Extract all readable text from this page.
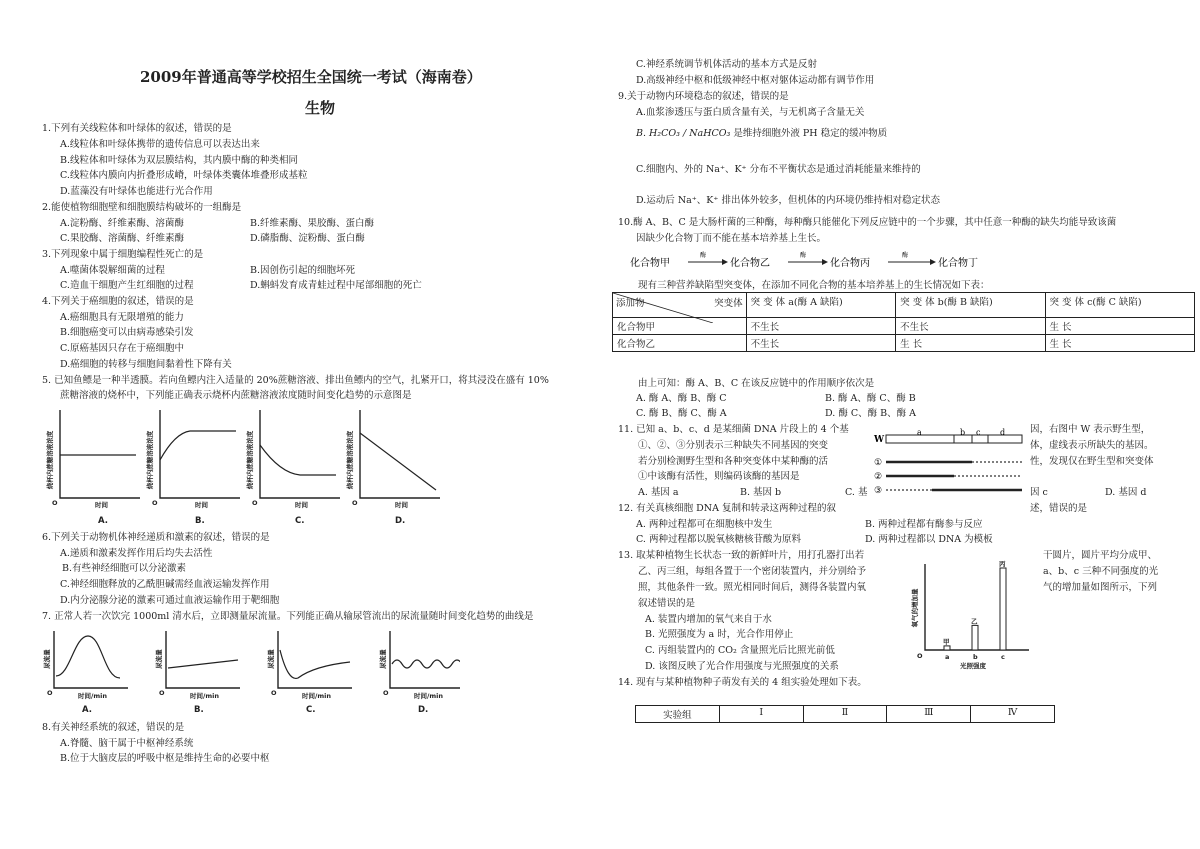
2009年普通高等学校招生全国统一考试（海南卷）
生物
1.下列有关线粒体和叶绿体的叙述，错误的是
A.线粒体和叶绿体携带的遗传信息可以表达出来
B.线粒体和叶绿体为双层膜结构，其内膜中酶的种类相同
C.线粒体内膜向内折叠形成嵴，叶绿体类囊体堆叠形成基粒
D.蓝藻没有叶绿体也能进行光合作用
2.能使植物细胞壁和细胞膜结构破坏的一组酶是
A.淀粉酶、纤维素酶、溶菌酶	B.纤维素酶、果胶酶、蛋白酶
C.果胶酶、溶菌酶、纤维素酶	D.磷脂酶、淀粉酶、蛋白酶
3.下列现象中属于细胞编程性死亡的是
A.噬菌体裂解细菌的过程	B.因创伤引起的细胞坏死
C.造血干细胞产生红细胞的过程	D.蝌蚪发育成青蛙过程中尾部细胞的死亡
4.下列关于癌细胞的叙述，错误的是
A.癌细胞具有无限增殖的能力
B.细胞癌变可以由病毒感染引发
C.原癌基因只存在于癌细胞中
D.癌细胞的转移与细胞间黏着性下降有关
5. 已知鱼鳔是一种半透膜。若向鱼鳔内注入适量的 20%蔗糖溶液、排出鱼鳔内的空气，扎紧开口，将其浸没在盛有 10%
蔗糖溶液的烧杯中，下列能正确表示烧杯内蔗糖溶液浓度随时间变化趋势的示意图是
烧杯内蔗糖溶液浓度
O	时间
A.
烧杯内蔗糖溶液浓度
O	时间
B.
烧杯内蔗糖溶液浓度
O	时间
C.
烧杯内蔗糖溶液浓度
O	时间
D.
6.下列关于动物机体神经递质和激素的叙述，错误的是
A.递质和激素发挥作用后均失去活性
B.有些神经细胞可以分泌激素
C.神经细胞释放的乙酰胆碱需经血液运输发挥作用
D.内分泌腺分泌的激素可通过血液运输作用于靶细胞
7. 正常人若一次饮完 1000ml 清水后，立即测量尿流量。下列能正确从输尿管流出的尿流量随时间变化趋势的曲线是
尿流量
O	时间/min
A.
尿流量
O	时间/min
B.
尿流量
O	时间/min
C.
尿流量
O	时间/min
D.
8.有关神经系统的叙述，错误的是
A.脊髓、脑干属于中枢神经系统
B.位于大脑皮层的呼吸中枢是维持生命的必要中枢
C.神经系统调节机体活动的基本方式是反射
D.高级神经中枢和低级神经中枢对躯体运动都有调节作用
9.关于动物内环境稳态的叙述，错误的是
A.血浆渗透压与蛋白质含量有关，与无机离子含量无关
B. H₂CO₃ / NaHCO₃ 是维持细胞外液 PH 稳定的缓冲物质
C.细胞内、外的 Na⁺、K⁺ 分布不平衡状态是通过消耗能量来维持的
D.运动后 Na⁺、K⁺ 排出体外较多，但机体的内环境仍维持相对稳定状态
10.酶 A、B、C 是大肠杆菌的三种酶，每种酶只能催化下列反应链中的一个步骤，其中任意一种酶的缺失均能导致该菌
因缺少化合物丁而不能在基本培养基上生长。
化合物甲
酶
化合物乙
酶
化合物丙
酶
化合物丁
现有三种营养缺陷型突变体，在添加不同化合物的基本培养基上的生长情况如下表：
突变体
添加物	突 变 体 a(酶 A 缺陷)	突 变 体 b(酶 B 缺陷)	突 变 体 c(酶 C 缺陷)
化合物甲	不生长	不生长	生 长
化合物乙	不生长	生 长	生 长
由上可知：酶 A、B、C 在该反应链中的作用顺序依次是
A. 酶 A、酶 B、酶 C	B. 酶 A、酶 C、酶 B
C. 酶 B、酶 C、酶 A	D. 酶 C、酶 B、酶 A
11. 已知 a、b、c、d 是某细菌 DNA 片段上的 4 个基	因，右图中 W 表示野生型，
①、②、③分别表示三种缺失不同基因的突变	体，虚线表示所缺失的基因。
若分别检测野生型和各种突变体中某种酶的活	性，发现仅在野生型和突变体
①中该酶有活性，则编码该酶的基因是
W
a	b c d
①
②
③
A. 基因 a	B. 基因 b	C. 基	因 c	D. 基因 d
12. 有关真核细胞 DNA 复制和转录这两种过程的叙	述，错误的是
A. 两种过程都可在细胞核中发生	B. 两种过程都有酶参与反应
C. 两种过程都以脱氧核糖核苷酸为原料	D. 两种过程都以 DNA 为模板
13. 取某种植物生长状态一致的新鲜叶片，用打孔器打出若	干圆片，圆片平均分成甲、
乙、丙三组，每组各置于一个密闭装置内，并分别给予	a、b、c 三种不同强度的光
照，其他条件一致。照光相同时间后，测得各装置内氧	气的增加量如图所示，下列
叙述错误的是
A. 装置内增加的氧气来自于水
B. 光照强度为 a 时，光合作用停止
C. 丙组装置内的 CO₂ 含量照光后比照光前低
D. 该图反映了光合作用强度与光照强度的关系
氧气的增加量
O
光照强度
甲
a
乙
b
丙
c
14. 现有与某种植物种子萌发有关的 4 组实验处理如下表。
实验组	Ⅰ	Ⅱ	Ⅲ	Ⅳ
